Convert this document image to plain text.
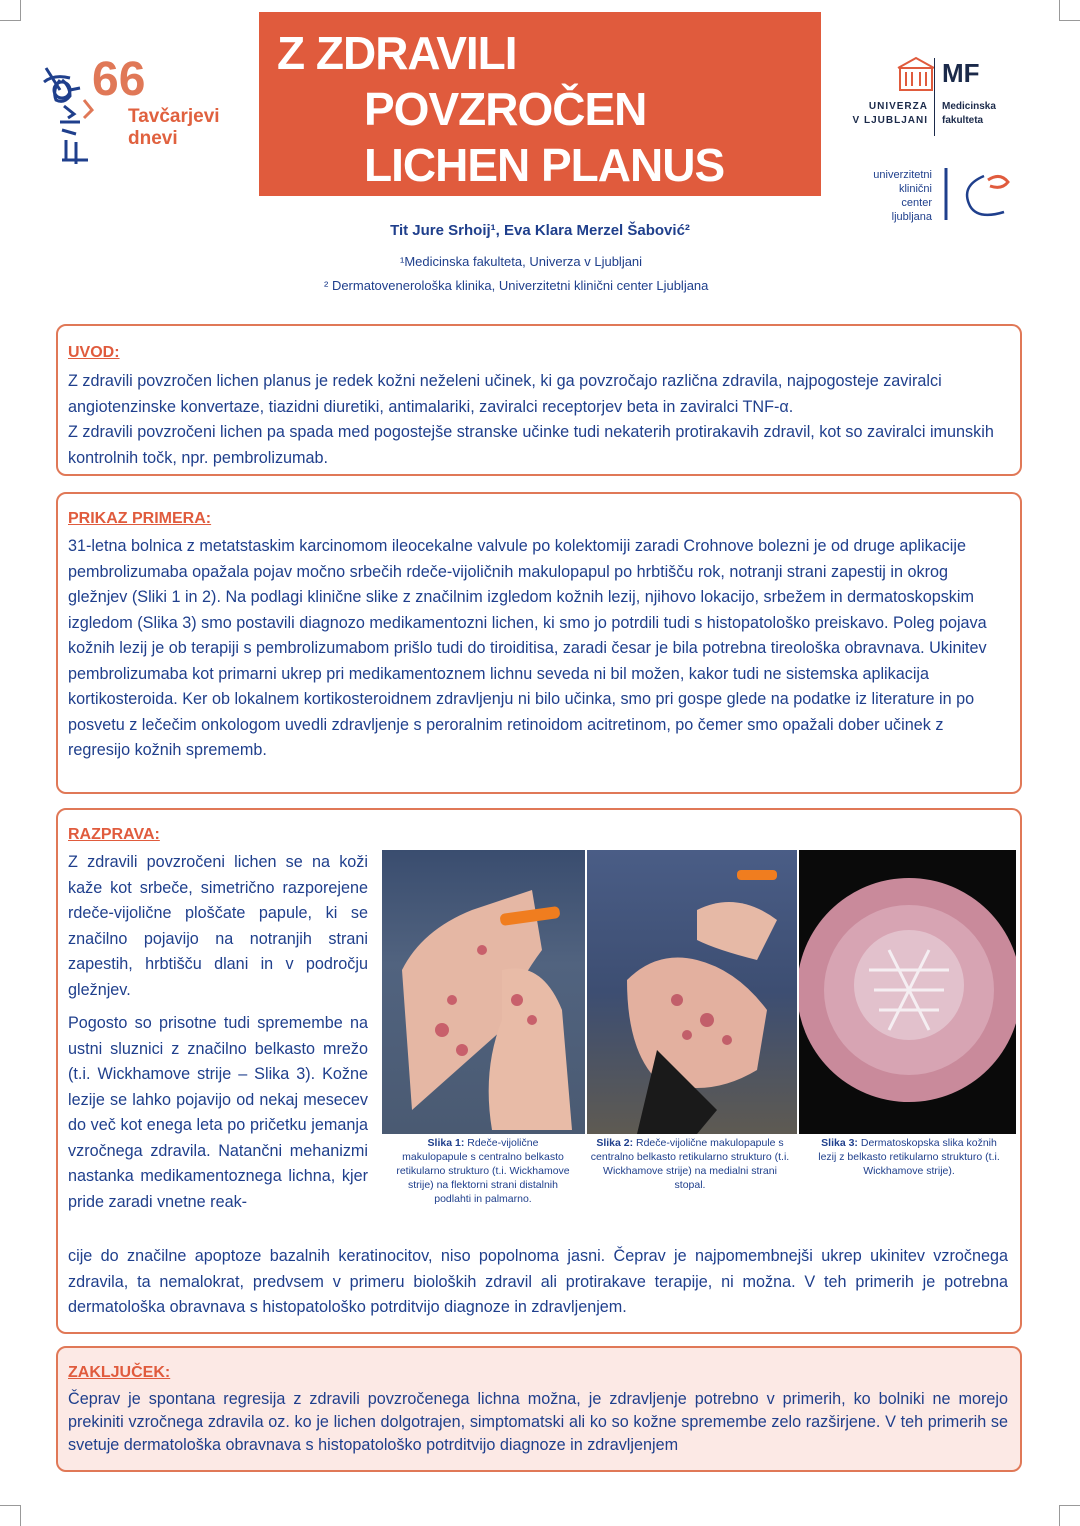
66
Tavčarjevi
dnevi
Z ZDRAVILI
POVZROČEN
LICHEN PLANUS
MF
UNIVERZA
V LJUBLJANI
Medicinska
fakulteta
univerzitetni
klinični
center
ljubljana
Tit Jure Srhoij¹, Eva Klara Merzel Šabović²
¹Medicinska fakulteta, Univerza v Ljubljani
² Dermatovenerološka klinika, Univerzitetni klinični center Ljubljana
UVOD:

Z zdravili povzročen lichen planus je redek kožni neželeni učinek, ki ga povzročajo različna zdravila, najpogosteje zaviralci angiotenzinske konvertaze, tiazidni diuretiki, antimalariki, zaviralci receptorjev beta in zaviralci TNF-α.

Z zdravili povzročeni lichen pa spada med pogostejše stranske učinke tudi nekaterih protirakavih zdravil, kot so zaviralci imunskih kontrolnih točk, npr. pembrolizumab.

PRIKAZ PRIMERA:

31-letna bolnica z metatstaskim karcinomom ileocekalne valvule po kolektomiji zaradi Crohnove bolezni je od druge aplikacije pembrolizumaba opažala pojav močno srbečih rdeče-vijoličnih makulopapul po hrbtišču rok, notranji strani zapestij in okrog gležnjev (Sliki 1 in 2). Na podlagi klinične slike z značilnim izgledom kožnih lezij, njihovo lokacijo, srbežem in dermatoskopskim izgledom (Slika 3) smo postavili diagnozo medikamentozni lichen, ki smo jo potrdili tudi s histopatološko preiskavo. Poleg pojava kožnih lezij je ob terapiji s pembrolizumabom prišlo tudi do tiroiditisa, zaradi česar je bila potrebna tireološka obravnava. Ukinitev pembrolizumaba kot primarni ukrep pri medikamentoznem lichnu seveda ni bil možen, kakor tudi ne sistemska aplikacija kortikosteroida. Ker ob lokalnem kortikosteroidnem zdravljenju ni bilo učinka, smo pri gospe glede na podatke iz literature in po posvetu z lečečim onkologom uvedli zdravljenje s peroralnim retinoidom acitretinom, po čemer smo opažali dober učinek z regresijo kožnih sprememb.

RAZPRAVA:

Z zdravili povzročeni lichen se na koži kaže kot srbeče, simetrično razporejene rdeče-vijolične ploščate papule, ki se značilno pojavijo na notranjih strani zapestih, hrbtišču dlani in v področju gležnjev.

Pogosto so prisotne tudi spremembe na ustni sluznici z značilno belkasto mrežo (t.i. Wickhamove strije – Slika 3). Kožne lezije se lahko pojavijo od nekaj mesecev do več kot enega leta po pričetku jemanja vzročnega zdravila. Natančni mehanizmi nastanka medikamentoznega lichna, kjer pride zaradi vnetne reak-

Slika 1: Rdeče-vijolične makulopapule s centralno belkasto retikularno strukturo (t.i. Wickhamove strije) na flektorni strani distalnih podlahti in palmarno.
Slika 2: Rdeče-vijolične makulopapule s centralno belkasto retikularno strukturo (t.i. Wickhamove strije) na medialni strani stopal.
Slika 3: Dermatoskopska slika kožnih lezij z belkasto retikularno strukturo (t.i. Wickhamove strije).

cije do značilne apoptoze bazalnih keratinocitov, niso popolnoma jasni. Čeprav je najpomembnejši ukrep ukinitev vzročnega zdravila, ta nemalokrat, predvsem v primeru bioloških zdravil ali protirakave terapije, ni možna. V teh primerih je potrebna dermatološka obravnava s histopatološko potrditvijo diagnoze in zdravljenjem.

ZAKLJUČEK:

Čeprav je spontana regresija z zdravili povzročenega lichna možna, je zdravljenje potrebno v primerih, ko bolniki ne morejo prekiniti vzročnega zdravila oz. ko je lichen dolgotrajen, simptomatski ali ko so kožne spremembe zelo razširjene. V teh primerih se svetuje dermatološka obravnava s histopatološko potrditvijo diagnoze in zdravljenjem
